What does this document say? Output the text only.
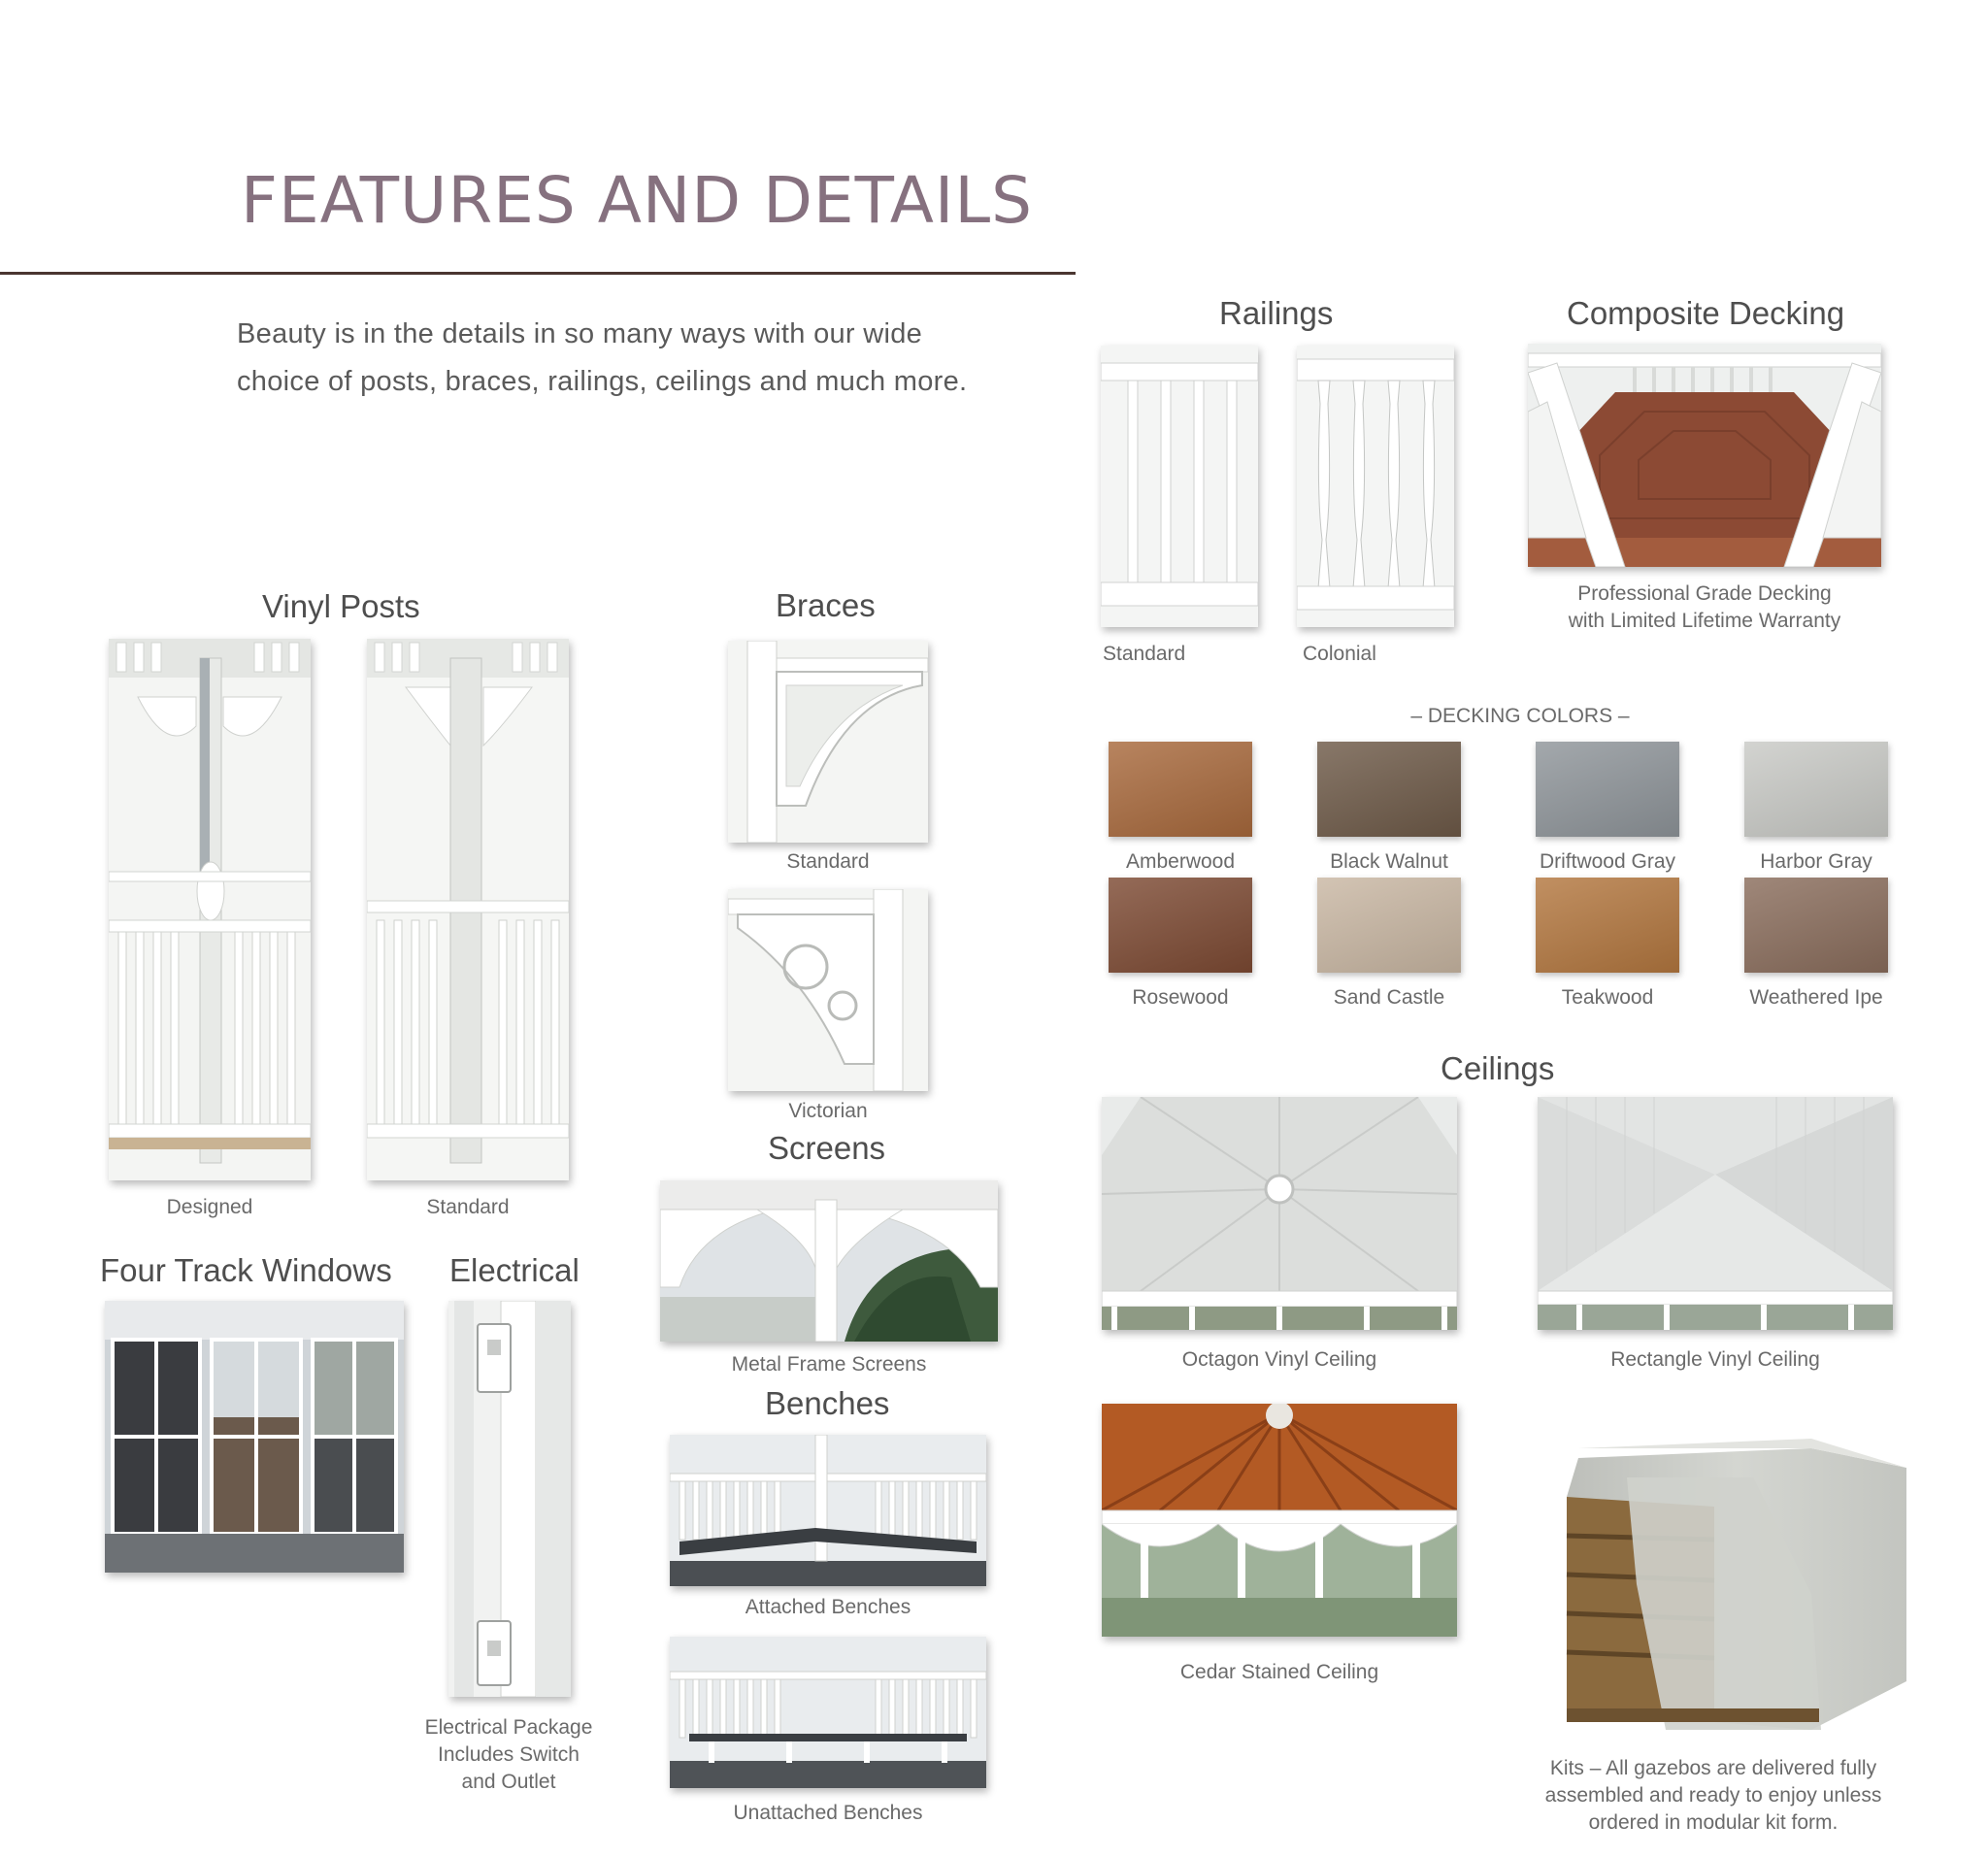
FEATURES AND DETAILS
Beauty is in the details in so many ways with our wide
choice of posts, braces, railings, ceilings and much more.
Vinyl Posts
Designed	Standard
Braces
Standard
Victorian
Screens
Metal Frame Screens
Benches
Attached Benches
Unattached Benches
Four Track Windows Electrical
Electrical Package
Includes Switch
and Outlet
Railings
Standard	Colonial
Composite Decking
Professional Grade Decking
with Limited Lifetime Warranty
– DECKING COLORS –
Amberwood	Black Walnut	Driftwood Gray	Harbor Gray
Rosewood	Sand Castle	Teakwood	Weathered Ipe
Ceilings
Octagon Vinyl Ceiling	Rectangle Vinyl Ceiling
Cedar Stained Ceiling
Kits – All gazebos are delivered fully
assembled and ready to enjoy unless
ordered in modular kit form.
